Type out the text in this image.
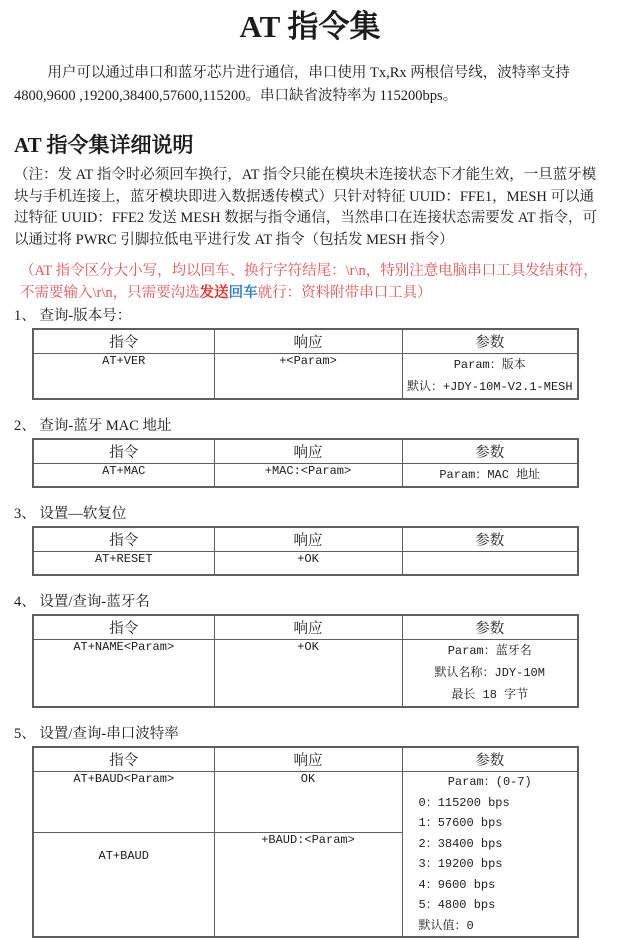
AT 指令集

用户可以通过串口和蓝牙芯片进行通信，串口使用 Tx,Rx 两根信号线，波特率支持 4800,9600 ,19200,38400,57600,115200。串口缺省波特率为 115200bps。

AT 指令集详细说明

（注：发 AT 指令时必须回车换行，AT 指令只能在模块未连接状态下才能生效，一旦蓝牙模块与手机连接上，蓝牙模块即进入数据透传模式）只针对特征 UUID：FFE1，MESH 可以通过特征 UUID：FFE2 发送 MESH 数据与指令通信，当然串口在连接状态需要发 AT 指令，可以通过将 PWRC 引脚拉低电平进行发 AT 指令（包括发 MESH 指令）

（AT 指令区分大小写，均以回车、换行字符结尾：\r\n，特别注意电脑串口工具发结束符，不需要输入\r\n，只需要沟选发送回车就行：资料附带串口工具）

1、 查询-版本号：
指令	响应	参数
AT+VER	+<Param>	Param：版本
默认：+JDY-10M-V2.1-MESH
2、 查询-蓝牙 MAC 地址
指令	响应	参数
AT+MAC	+MAC:<Param>	Param：MAC 地址
3、 设置—软复位
指令	响应	参数
AT+RESET	+OK	
4、 设置/查询-蓝牙名
指令	响应	参数
AT+NAME<Param>	+OK	Param：蓝牙名
默认名称：JDY-10M
最长 18 字节
5、 设置/查询-串口波特率
指令	响应	参数
AT+BAUD<Param>	OK	Param：(0-7)
0：115200 bps
1：57600 bps
2：38400 bps
3：19200 bps
4：9600 bps
5：4800 bps
默认值：0

AT+BAUD	+BAUD:<Param>	
